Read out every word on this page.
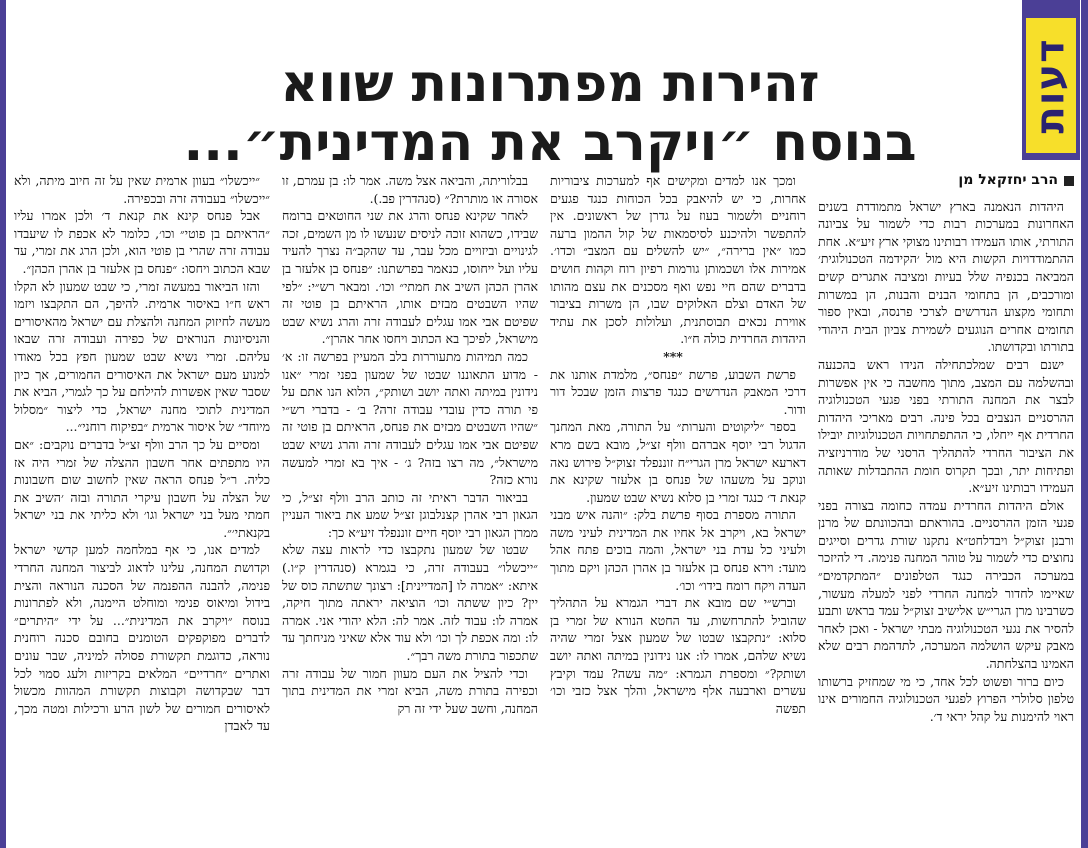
דעות
זהירות מפתרונות שווא
בנוסח ״ויקרב את המדינית״...
הרב יחזקאל מן

היהדות הנאמנה בארץ ישראל מתמודדת בשנים האחרונות במערכות רבות כדי לשמור על צביונה התורתי, אותו העמידו רבותינו מצוקי ארץ זיע״א. אחת ההתמודדויות הקשות היא מול ׳הקידמה הטכנולוגית׳ המביאה בכנפיה שלל בעיות ומציבה אתגרים קשים ומורכבים, הן בתחומי הבנים והבנות, הן במשרות ותחומי מקצוע הנדרשים לצרכי פרנסה, ובאין ספור תחומים אחרים הנוגעים לשמירת צביון הבית היהודי בתורתו ובקדושתו.

ישנם רבים שמלכתחילה הנידו ראש בהכנעה ובהשלמה עם המצב, מתוך מחשבה כי אין אפשרות לבצר את המחנה התורתי בפני פגעי הטכנולוגיה ההרסניים הנצבים בכל פינה. רבים מאריכי היהדות החרדית אף ייחלו, כי ההתפתחויות הטכנולוגיות יובילו את הציבור החרדי להתהליך הרסני של מודרניזציה ופתיחות יתר, ובכך תקרוס חומת ההתבדלות שאותה העמידו רבותינו זיע״א.

אולם היהדות החרדית עמדה כחומה בצורה בפני פגעי הזמן ההרסניים. בהוראתם ובהכוונתם של מרנן ורבנן זצוק״ל ויבדלחט״א נתקנו שורת גדרים וסייגים נחוצים כדי לשמור על טוהר המחנה פנימה. די להיזכר במערכה הכבירה כנגד הטלפונים ״המתקדמים״ שאיימו לחדור למחנה החרדי לפני למעלה מעשור, כשרבינו מרן הגרי״ש אלישיב זצוק״ל עמד בראש ותבע להסיר את נגעי הטכנולוגיה מבתי ישראל - ואכן לאחר מאבק עיקש הושלמה המערכה, לתדהמת רבים שלא האמינו בהצלחתה.

כיום ברור ופשוט לכל אחד, כי מי שמחזיק ברשותו טלפון סלולרי הפרוץ לפגעי הטכנולוגיה החמורים אינו ראוי להימנות על קהל יראי ד׳.

ומכך אנו למדים ומקישים אף למערכות ציבוריות אחרות, כי יש להיאבק בכל הכוחות כנגד פגעים רוחניים ולשמור בעוז על גדרן של ראשונים. אין להתפשר ולהיכנע לסיסמאות של קול ההמון ברעה כמו ״אין ברירה״, ״יש להשלים עם המצב״ וכדו׳. אמירות אלו ושכמותן גורמות רפיון רוח וקהות חושים בדברים שהם חיי נפש ואף מסכנים את עצם מהותו של האדם וצלם האלוקים שבו, הן משרות בציבור אווירת נכאים תבוסתנית, ועלולות לסכן את עתיד היהדות החרדית כולה ח״ו.

***

פרשת השבוע, פרשת ״פנחס״, מלמדת אותנו את דרכי המאבק הנדרשים כנגד פרצות הזמן שבכל דור ודור.

בספר ״ליקוטים והערות״ על התורה, מאת המחנך הדגול רבי יוסף אברהם וולף זצ״ל, מובא בשם מרא דארעא ישראל מרן הגרי״ח זוננפלד זצוק״ל פירוש נאה ונוקב על משעהו של פנחס בן אלעזר שקינא את קנאת ד׳ כנגד זמרי בן סלוא נשיא שבט שמעון.

התורה מספרת בסוף פרשת בלק: ״והנה איש מבני ישראל בא, ויקרב אל אחיו את המדינית לעיני משה ולעיני כל עדת בני ישראל, והמה בוכים פתח אהל מועד: וירא פנחס בן אלעזר בן אהרן הכהן ויקם מתוך העדה ויקח רומח בידו״ וכו׳.

וברש״י שם מובא את דברי הגמרא על התהליך שהוביל להתרחשות, עד החטא הנורא של זמרי בן סלוא: ״נתקבצו שבטו של שמעון אצל זמרי שהיה נשיא שלהם, אמרו לו: אנו נידונין במיתה ואתה יושב ושותק?״ ומספרת הגמרא: ״מה עשה? עמד וקיבץ עשרים וארבעה אלף מישראל, והלך אצל כזבי וכו׳ תפשה

בבלוריתה, והביאה אצל משה. אמר לו: בן עמרם, זו אסורה או מותרת?״ (סנהדרין פב.).

לאחר שקינא פנחס והרג את שני החוטאים ברומח שבידו, כשהוא זוכה לניסים שנעשו לו מן השמים, זכה לגינויים וביזויים מכל עבר, עד שהקב״ה נצרך להעיד עליו ועל ייחוסו, כנאמר בפרשתנו: ״פנחס בן אלעזר בן אהרן הכהן השיב את חמתי״ וכו׳. ומבאר רש״י: ״לפי שהיו השבטים מבזים אותו, הראיתם בן פוטי זה שפיטם אבי אמו עגלים לעבודה זרה והרג נשיא שבט מישראל, לפיכך בא הכתוב ויחסו אחר אהרן״.

כמה תמיהות מתעוררות בלב המעיין בפרשה זו: א׳ - מדוע התאוננו שבטו של שמעון בפני זמרי ״אנו נידונין במיתה ואתה יושב ושותק״, הלוא הנו אתם על פי תורה כדין עובדי עבודה זרה? ב׳ - בדברי רש״י ״שהיו השבטים מבזים את פנחס, הראיתם בן פוטי זה שפיטם אבי אמו עגלים לעבודה זרה והרג נשיא שבט מישראל״, מה רצו בזה? ג׳ - איך בא זמרי למעשה נורא כזה?

בביאור הדבר ראיתי זה כותב הרב וולף זצ״ל, כי הגאון רבי אהרן קצנלבוגן זצ״ל שמע את ביאור העניין ממרן הגאון רבי יוסף חיים זוננפלד זיע״א כך:

שבטו של שמעון נתקבצו כדי לראות עצה שלא ״ייכשלו״ בעבודה זרה, כי בגמרא (סנהדרין ק״ו.) איתא: ״אמרה לו [המדיינית]: רצונך שתשתה כוס של יין? כיון ששתה וכו׳ הוציאה יראתה מתוך חיקה, אמרה לו: עבוד לזה. אמר לה: הלא יהודי אני. אמרה לו: ומה אכפת לך וכו׳ ולא עוד אלא שאיני מניחתך עד שתכפור בתורת משה רבך״.

וכדי להציל את העם מעוון חמור של עבודה זרה וכפירה בתורת משה, הביא זמרי את המדינית בתוך המחנה, וחשב שעל ידי זה רק

״ייכשלו״ בעוון ארמית שאין על זה חיוב מיתה, ולא ״ייכשלו״ בעבודה זרה ובכפירה.

אבל פנחס קינא את קנאת ד׳ ולכן אמרו עליו ״הראיתם בן פוטי״ וכו׳, כלומר לא אכפת לו שיעבדו עבודה זרה שהרי בן פוטי הוא, ולכן הרג את זמרי, עד שבא הכתוב ויחסו: ״פנחס בן אלעזר בן אהרן הכהן״.

והזו הביאור במעשה זמרי, כי שבט שמעון לא הקלו ראש ח״ו באיסור ארמית. להיפך, הם התקבצו ויזמו מעשה לחיזוק המחנה ולהצלת עם ישראל מהאיסורים והניסיונות הנוראים של כפירה ועבודה זרה שבאו עליהם. זמרי נשיא שבט שמעון חפץ בכל מאודו למנוע מעם ישראל את האיסורים החמורים, אך כיון שסבר שאין אפשרות להילחם על כך לגמרי, הביא את המדינית לתוכי מחנה ישראל, כדי ליצור ״מסלול מיוחד״ של איסור ארמית ״בפיקוח רוחני״...

ומסיים על כך הרב וולף זצ״ל בדברים נוקבים: ״אם היו מתפתים אחר חשבון ההצלה של זמרי היה אז כליה. ר״ל פנחס הראה שאין לחשוב שום חשבונות של הצלה על חשבון עיקרי התורה ובזה ׳השיב את חמתי מעל בני ישראל וגו׳ ולא כליתי את בני ישראל בקנאתי׳״.

למדים אנו, כי אף במלחמה למען קדשי ישראל וקדושת המחנה, עלינו לדאוג לביצור המחנה החרדי פנימה, להבנה ההפנמה של הסכנה הנוראה והצית בידול ומיאוס פנימי ומוחלט היימנה, ולא לפתרונות בנוסח ״ויקרב את המדינית״... על ידי ״היתרים״ לדברים מפוקפקים הטומנים בחובם סכנה רוחנית נוראה, כדוגמת תקשורת פסולה למיניה, שבר עונים ואתרים ״חרדיים״ המלאים בקריזות ולעג סמוי לכל דבר שבקדושה וקבוצות תקשורת המהוות מכשול לאיסורים חמורים של לשון הרע ורכילות ומטה מכך, עד לאבדן
